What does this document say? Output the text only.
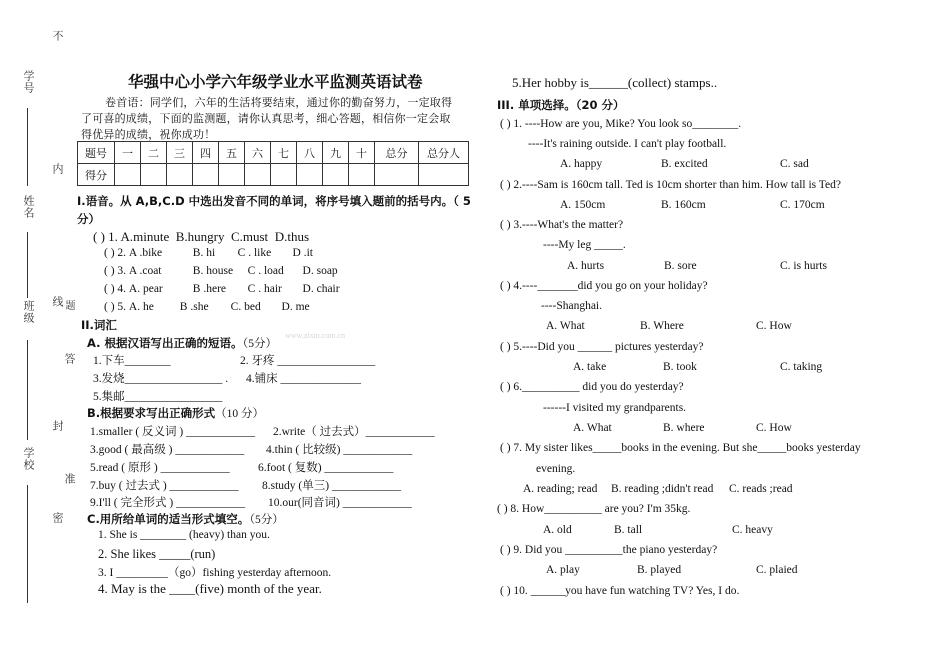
不
学号
内
姓名
班级 线 题
答
封
学校
准
密
华强中心小学六年级学业水平监测英语试卷
卷首语：同学们，六年的生活将要结束，通过你的勤奋努力，一定取得
了可喜的成绩，下面的监测题，请你认真思考，细心答题，相信你一定会取
得优异的成绩，祝你成功！
题号	一	二	三	四	五	六	七	八	九	十	总分	总分人
得分												
I.语音。从 A,B,C.D 中选出发音不同的单词，将序号填入题前的括号内。（ 5
分）
( ) 1. A.minute B.hungry C.must D.thus
( ) 2. A .bike	B. hi C . like D .it
( ) 3. A .coat	B. house C . load D. soap
( ) 4. A. pear	B .here C . hair D. chair
( ) 5. A. he B .she C. bed D. me
II.词汇
A. 根据汉语写出正确的短语。（5分）
1.下车________	2. 牙疼 _________________
3.发烧_________________ . 4.铺床 ______________
5.集邮_________________
B.根据要求写出正确形式（10 分）
1.smaller ( 反义词 ) ____________ 2.write（ 过去式）____________
3.good ( 最高级 ) ____________ 4.thin ( 比较级) ____________
5.read ( 原形 ) ____________ 6.foot ( 复数) ____________
7.buy ( 过去式 ) ____________ 8.study (单三) ____________
9.I'll ( 完全形式 ) ____________ 10.our(同音词) ____________
C.用所给单词的适当形式填空。（5分）
1. She is ________ (heavy) than you.
2. She likes _____(run)
3. I _________（go）fishing yesterday afternoon.
4. May is the ____(five) month of the year.
5.Her hobby is______(collect) stamps..
III. 单项选择。（20 分）
( ) 1. ----How are you, Mike? You look so________.
----It's raining outside. I can't play football.
A. happy	B. excited	C. sad
( ) 2.----Sam is 160cm tall. Ted is 10cm shorter than him. How tall is Ted?
A. 150cm	B. 160cm	C. 170cm
( ) 3.----What's the matter?
----My leg _____.
A. hurts	B. sore	C. is hurts
( ) 4.----_______did you go on your holiday?
----Shanghai.
A. What	B. Where	C. How
( ) 5.----Did you ______ pictures yesterday?
A. take	B. took	C. taking
( ) 6.__________ did you do yesterday?
------I visited my grandparents.
A. What	B. where	C. How
( ) 7. My sister likes_____books in the evening. But she_____books yesterday
evening.
A. reading; read B. reading ;didn't read C. reads ;read
( ) 8. How__________ are you? I'm 35kg.
A. old	B. tall	C. heavy
( ) 9. Did you __________the piano yesterday?
A. play	B. played	C. plaied
( ) 10. ______you have fun watching TV? Yes, I do.
www.zixin.com.cn
